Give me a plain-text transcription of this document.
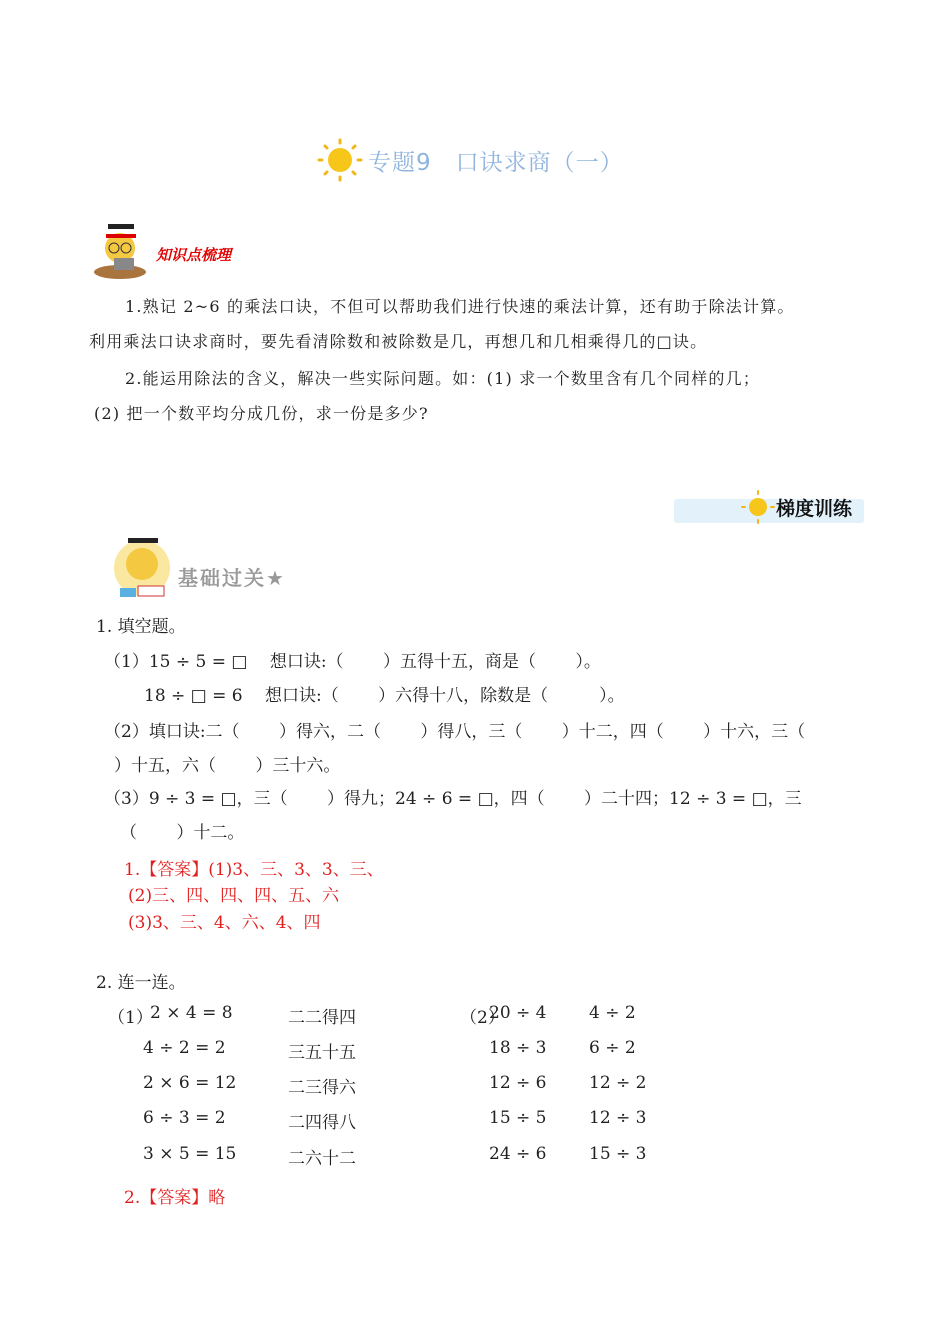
专题9　口诀求商（一）
知识点梳理
1.熟记 2~6 的乘法口诀，不但可以帮助我们进行快速的乘法计算，还有助于除法计算。
利用乘法口诀求商时，要先看清除数和被除数是几，再想几和几相乘得几的□诀。
2.能运用除法的含义，解决一些实际问题。如：(1) 求一个数里含有几个同样的几；
(2) 把一个数平均分成几份，求一份是多少?
梯度训练
基础过关★
1. 填空题。
（1）15 ÷ 5 = □　 想口诀:（　　 ）五得十五，商是（　　 ）。
18 ÷ □ = 6　 想口诀:（　　 ）六得十八，除数是（　　　）。
（2）填口诀:二（　　 ）得六，二（　　 ）得八，三（　　 ）十二，四（　　 ）十六，三（
）十五，六（　　 ）三十六。
（3）9 ÷ 3 = □，三（　　 ）得九；24 ÷ 6 = □，四（　　 ）二十四；12 ÷ 3 = □，三
（　　 ）十二。
1.【答案】(1)3、三、3、3、三、
(2)三、四、四、四、五、六
(3)3、三、4、六、4、四
2. 连一连。
（1）	（2）
2 × 4 = 8
4 ÷ 2 = 2
2 × 6 = 12
6 ÷ 3 = 2
3 × 5 = 15
二二得四
三五十五
二三得六
二四得八
二六十二
20 ÷ 4
18 ÷ 3
12 ÷ 6
15 ÷ 5
24 ÷ 6
4 ÷ 2
6 ÷ 2
12 ÷ 2
12 ÷ 3
15 ÷ 3
2.【答案】略
